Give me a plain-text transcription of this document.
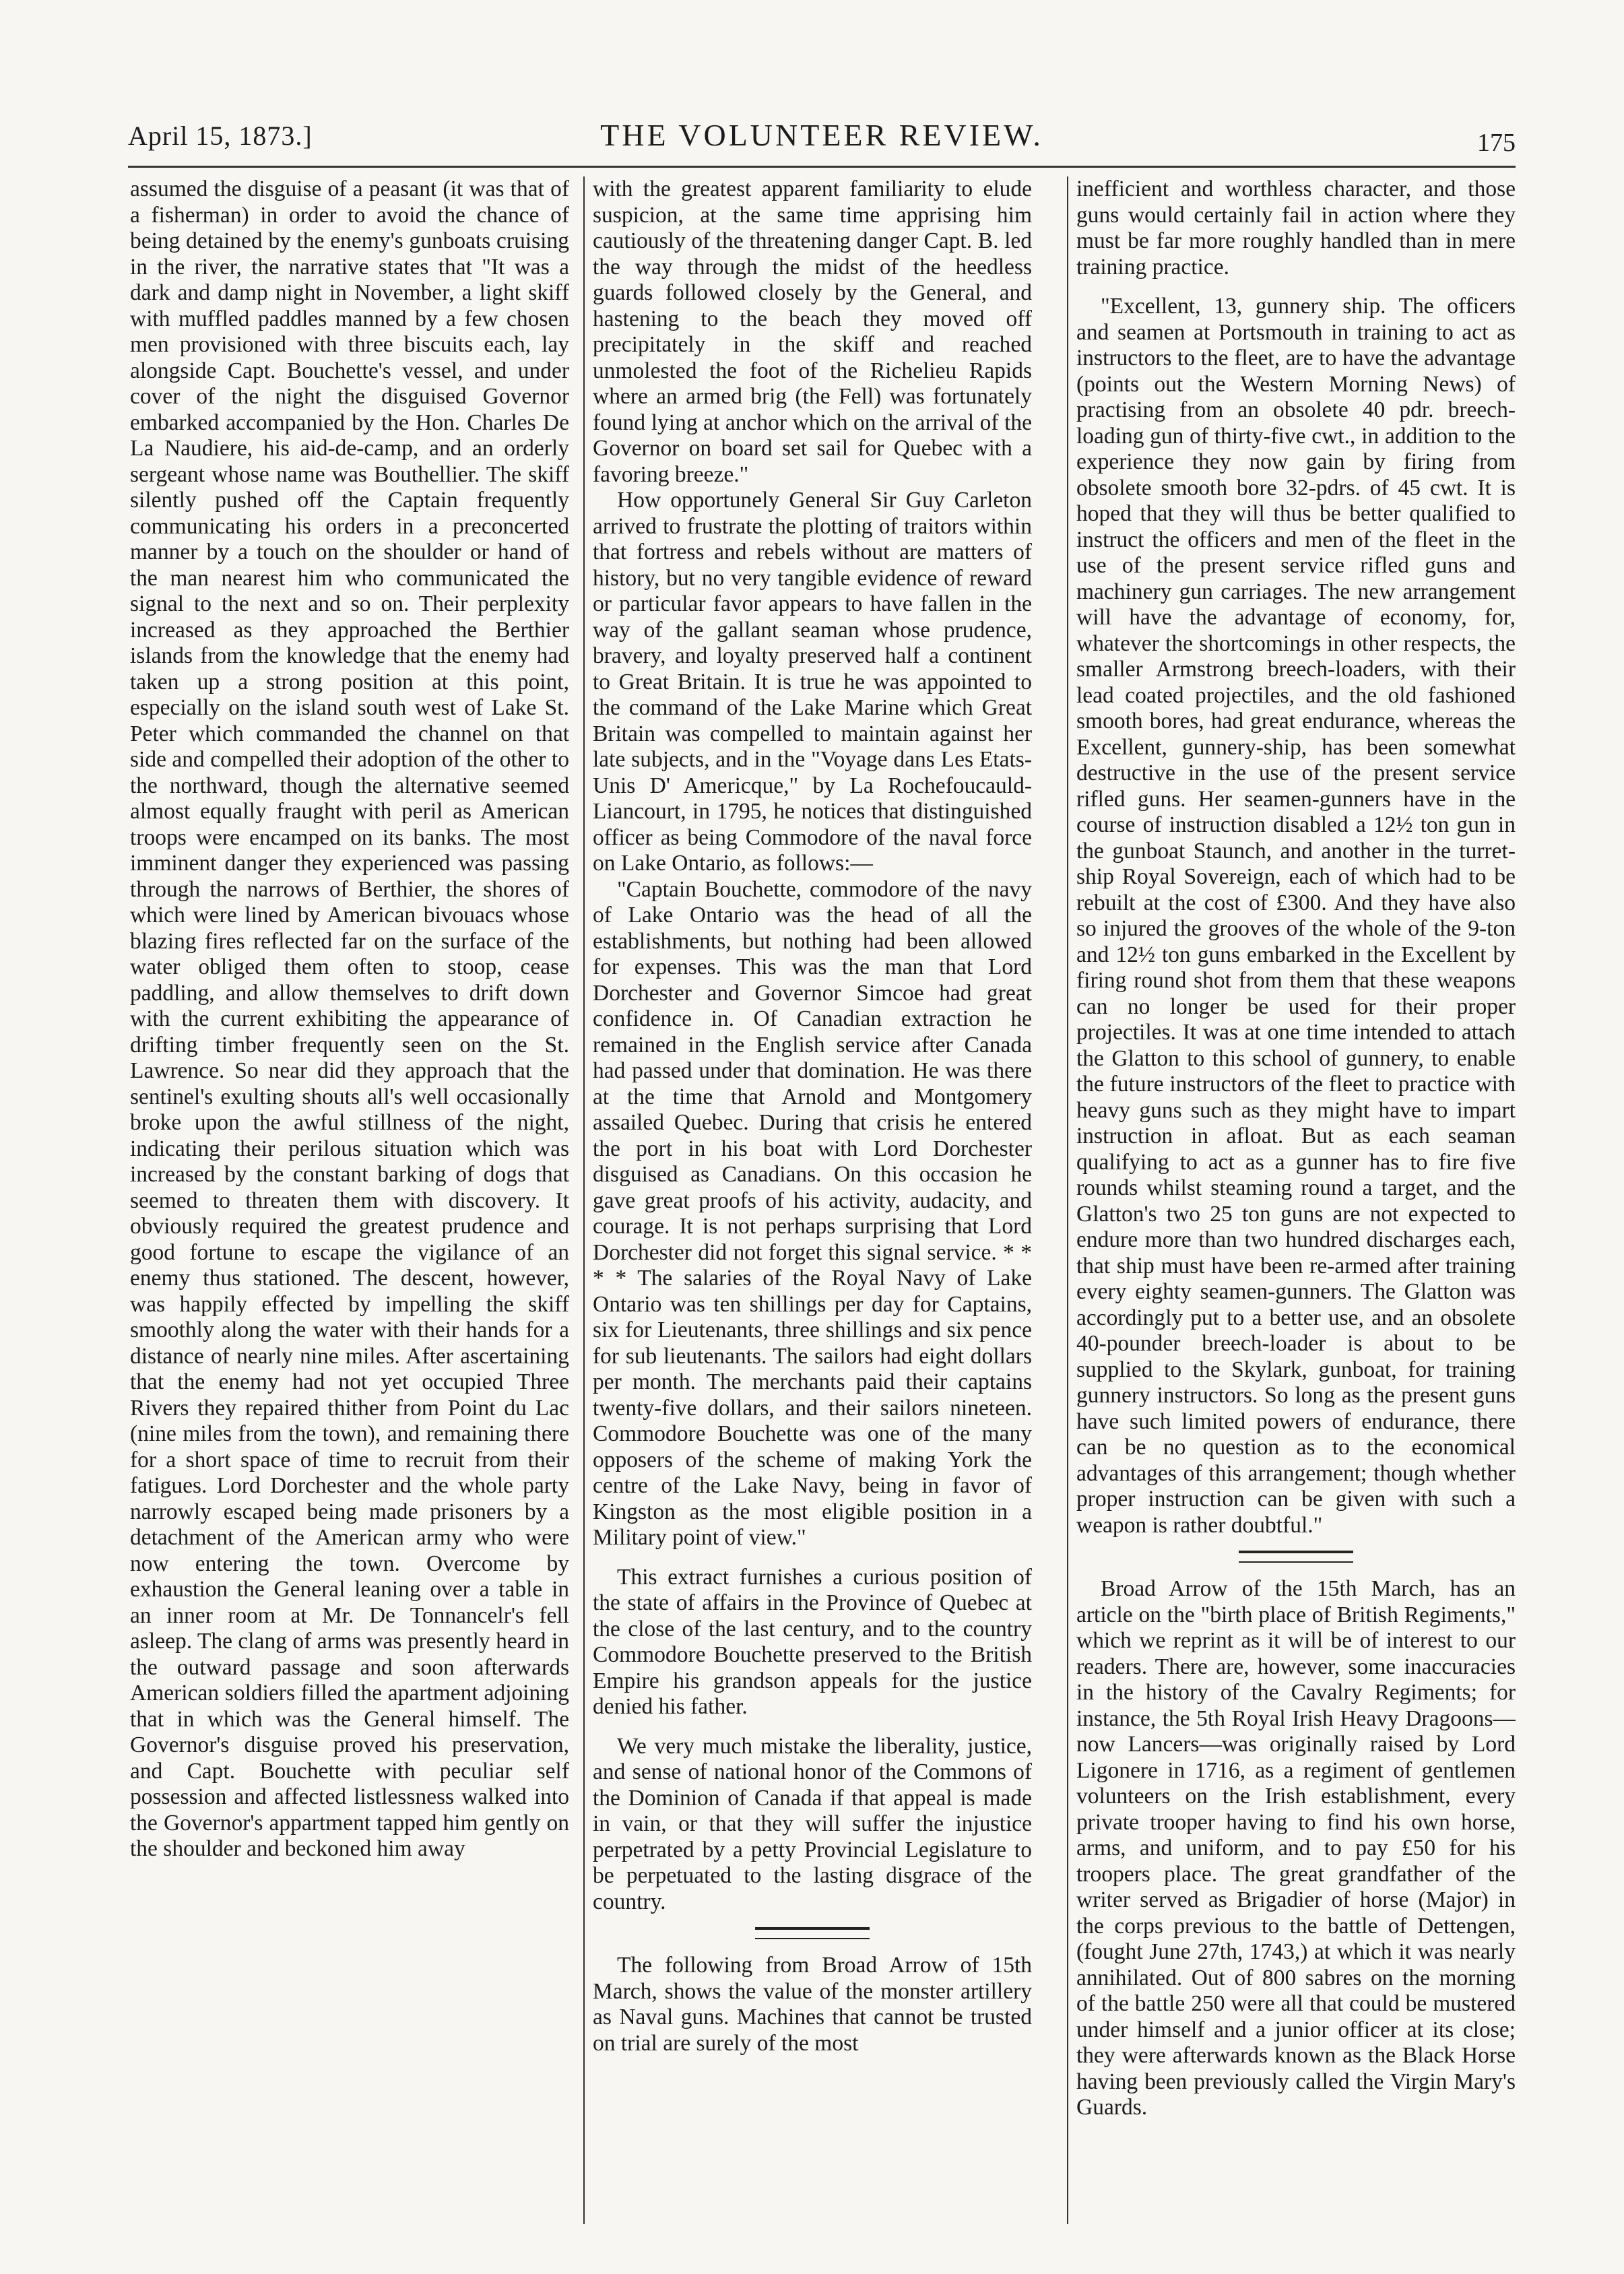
April 15, 1873.]	THE VOLUNTEER REVIEW.	175

assumed the disguise of a peasant (it was that of a fisherman) in order to avoid the chance of being detained by the enemy's gunboats cruising in the river, the narrative states that "It was a dark and damp night in November, a light skiff with muffled paddles manned by a few chosen men provisioned with three biscuits each, lay alongside Capt. Bouchette's vessel, and under cover of the night the disguised Governor embarked accompanied by the Hon. Charles De La Naudiere, his aid-de-camp, and an orderly sergeant whose name was Bouthellier. The skiff silently pushed off the Captain frequently communicating his orders in a preconcerted manner by a touch on the shoulder or hand of the man nearest him who communicated the signal to the next and so on. Their perplexity increased as they approached the Berthier islands from the knowledge that the enemy had taken up a strong position at this point, especially on the island south west of Lake St. Peter which commanded the channel on that side and compelled their adoption of the other to the northward, though the alternative seemed almost equally fraught with peril as American troops were encamped on its banks. The most imminent danger they experienced was passing through the narrows of Berthier, the shores of which were lined by American bivouacs whose blazing fires reflected far on the surface of the water obliged them often to stoop, cease paddling, and allow themselves to drift down with the current exhibiting the appearance of drifting timber frequently seen on the St. Lawrence. So near did they approach that the sentinel's exulting shouts all's well occasionally broke upon the awful stillness of the night, indicating their perilous situation which was increased by the constant barking of dogs that seemed to threaten them with discovery. It obviously required the greatest prudence and good fortune to escape the vigilance of an enemy thus stationed. The descent, however, was happily effected by impelling the skiff smoothly along the water with their hands for a distance of nearly nine miles. After ascertaining that the enemy had not yet occupied Three Rivers they repaired thither from Point du Lac (nine miles from the town), and remaining there for a short space of time to recruit from their fatigues. Lord Dorchester and the whole party narrowly escaped being made prisoners by a detachment of the American army who were now entering the town. Overcome by exhaustion the General leaning over a table in an inner room at Mr. De Tonnancelr's fell asleep. The clang of arms was presently heard in the outward passage and soon afterwards American soldiers filled the apartment adjoining that in which was the General himself. The Governor's disguise proved his preservation, and Capt. Bouchette with peculiar self possession and affected listlessness walked into the Governor's appartment tapped him gently on the shoulder and beckoned him away

with the greatest apparent familiarity to elude suspicion, at the same time apprising him cautiously of the threatening danger Capt. B. led the way through the midst of the heedless guards followed closely by the General, and hastening to the beach they moved off precipitately in the skiff and reached unmolested the foot of the Richelieu Rapids where an armed brig (the Fell) was fortunately found lying at anchor which on the arrival of the Governor on board set sail for Quebec with a favoring breeze."

How opportunely General Sir Guy Carleton arrived to frustrate the plotting of traitors within that fortress and rebels without are matters of history, but no very tangible evidence of reward or particular favor appears to have fallen in the way of the gallant seaman whose prudence, bravery, and loyalty preserved half a continent to Great Britain. It is true he was appointed to the command of the Lake Marine which Great Britain was compelled to maintain against her late subjects, and in the "Voyage dans Les Etats-Unis D' Americque," by La Rochefoucauld-Liancourt, in 1795, he notices that distinguished officer as being Commodore of the naval force on Lake Ontario, as follows:—

"Captain Bouchette, commodore of the navy of Lake Ontario was the head of all the establishments, but nothing had been allowed for expenses. This was the man that Lord Dorchester and Governor Simcoe had great confidence in. Of Canadian extraction he remained in the English service after Canada had passed under that domination. He was there at the time that Arnold and Montgomery assailed Quebec. During that crisis he entered the port in his boat with Lord Dorchester disguised as Canadians. On this occasion he gave great proofs of his activity, audacity, and courage. It is not perhaps surprising that Lord Dorchester did not forget this signal service. * * * * The salaries of the Royal Navy of Lake Ontario was ten shillings per day for Captains, six for Lieutenants, three shillings and six pence for sub lieutenants. The sailors had eight dollars per month. The merchants paid their captains twenty-five dollars, and their sailors nineteen. Commodore Bouchette was one of the many opposers of the scheme of making York the centre of the Lake Navy, being in favor of Kingston as the most eligible position in a Military point of view."

This extract furnishes a curious position of the state of affairs in the Province of Quebec at the close of the last century, and to the country Commodore Bouchette preserved to the British Empire his grandson appeals for the justice denied his father.

We very much mistake the liberality, justice, and sense of national honor of the Commons of the Dominion of Canada if that appeal is made in vain, or that they will suffer the injustice perpetrated by a petty Provincial Legislature to be perpetuated to the lasting disgrace of the country.

The following from Broad Arrow of 15th March, shows the value of the monster artillery as Naval guns. Machines that cannot be trusted on trial are surely of the most

inefficient and worthless character, and those guns would certainly fail in action where they must be far more roughly handled than in mere training practice.

"Excellent, 13, gunnery ship. The officers and seamen at Portsmouth in training to act as instructors to the fleet, are to have the advantage (points out the Western Morning News) of practising from an obsolete 40 pdr. breech-loading gun of thirty-five cwt., in addition to the experience they now gain by firing from obsolete smooth bore 32-pdrs. of 45 cwt. It is hoped that they will thus be better qualified to instruct the officers and men of the fleet in the use of the present service rifled guns and machinery gun carriages. The new arrangement will have the advantage of economy, for, whatever the shortcomings in other respects, the smaller Armstrong breech-loaders, with their lead coated projectiles, and the old fashioned smooth bores, had great endurance, whereas the Excellent, gunnery-ship, has been somewhat destructive in the use of the present service rifled guns. Her seamen-gunners have in the course of instruction disabled a 12½ ton gun in the gunboat Staunch, and another in the turret-ship Royal Sovereign, each of which had to be rebuilt at the cost of £300. And they have also so injured the grooves of the whole of the 9-ton and 12½ ton guns embarked in the Excellent by firing round shot from them that these weapons can no longer be used for their proper projectiles. It was at one time intended to attach the Glatton to this school of gunnery, to enable the future instructors of the fleet to practice with heavy guns such as they might have to impart instruction in afloat. But as each seaman qualifying to act as a gunner has to fire five rounds whilst steaming round a target, and the Glatton's two 25 ton guns are not expected to endure more than two hundred discharges each, that ship must have been re-armed after training every eighty seamen-gunners. The Glatton was accordingly put to a better use, and an obsolete 40-pounder breech-loader is about to be supplied to the Skylark, gunboat, for training gunnery instructors. So long as the present guns have such limited powers of endurance, there can be no question as to the economical advantages of this arrangement; though whether proper instruction can be given with such a weapon is rather doubtful."

Broad Arrow of the 15th March, has an article on the "birth place of British Regiments," which we reprint as it will be of interest to our readers. There are, however, some inaccuracies in the history of the Cavalry Regiments; for instance, the 5th Royal Irish Heavy Dragoons—now Lancers—was originally raised by Lord Ligonere in 1716, as a regiment of gentlemen volunteers on the Irish establishment, every private trooper having to find his own horse, arms, and uniform, and to pay £50 for his troopers place. The great grandfather of the writer served as Brigadier of horse (Major) in the corps previous to the battle of Dettengen, (fought June 27th, 1743,) at which it was nearly annihilated. Out of 800 sabres on the morning of the battle 250 were all that could be mustered under himself and a junior officer at its close; they were afterwards known as the Black Horse having been previously called the Virgin Mary's Guards.
